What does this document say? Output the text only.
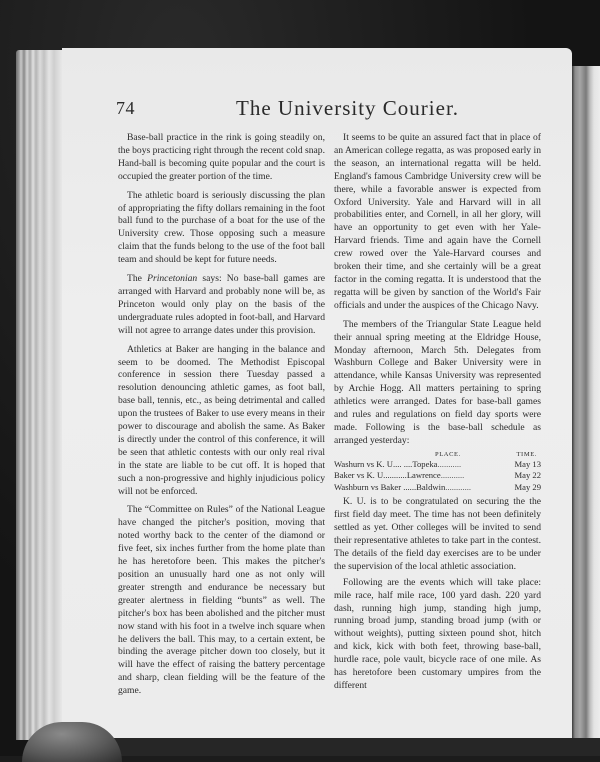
74	The University Courier.

Base-ball practice in the rink is going steadily on, the boys practicing right through the recent cold snap. Hand-ball is becoming quite popular and the court is occupied the greater portion of the time.

The athletic board is seriously discussing the plan of appropriating the fifty dollars remaining in the foot ball fund to the purchase of a boat for the use of the University crew. Those opposing such a measure claim that the funds belong to the use of the foot ball team and should be kept for future needs.

The Princetonian says: No base-ball games are arranged with Harvard and probably none will be, as Princeton would only play on the basis of the undergraduate rules adopted in foot-ball, and Harvard will not agree to arrange dates under this provision.

Athletics at Baker are hanging in the balance and seem to be doomed. The Methodist Episcopal conference in session there Tuesday passed a resolution denouncing athletic games, as foot ball, base ball, tennis, etc., as being detrimental and called upon the trustees of Baker to use every means in their power to discourage and abolish the same. As Baker is directly under the control of this conference, it will be seen that athletic contests with our only real rival in the state are liable to be cut off. It is hoped that such a non-progressive and highly injudicious policy will not be enforced.

The “Committee on Rules” of the National League have changed the pitcher's position, moving that noted worthy back to the center of the diamond or five feet, six inches further from the home plate than he has heretofore been. This makes the pitcher's position an unusually hard one as not only will greater strength and endurance be necessary but greater alertness in fielding “bunts” as well. The pitcher's box has been abolished and the pitcher must now stand with his foot in a twelve inch square when he delivers the ball. This may, to a certain extent, be binding the average pitcher down too closely, but it will have the effect of raising the battery percentage and sharp, clean fielding will be the feature of the game.

It seems to be quite an assured fact that in place of an American college regatta, as was proposed early in the season, an international regatta will be held. England's famous Cambridge University crew will be there, while a favorable answer is expected from Oxford University. Yale and Harvard will in all probabilities enter, and Cornell, in all her glory, will have an opportunity to get even with her Yale-Harvard friends. Time and again have the Cornell crew rowed over the Yale-Harvard courses and broken their time, and she certainly will be a great factor in the coming regatta. It is understood that the regatta will be given by sanction of the World's Fair officials and under the auspices of the Chicago Navy.

The members of the Triangular State League held their annual spring meeting at the Eldridge House, Monday afternoon, March 5th. Delegates from Washburn College and Baker University were in attendance, while Kansas University was represented by Archie Hogg. All matters pertaining to spring athletics were arranged. Dates for base-ball games and rules and regulations on field day sports were made. Following is the base-ball schedule as arranged yesterday:

PLACE.	TIME.
Washurn vs K. U.... .... Topeka ...........	May 13
Baker vs K. U........... Lawrence ...........	May 22
Washburn vs Baker ...... Baldwin ............	May 29

K. U. is to be congratulated on securing the the first field day meet. The time has not been definitely settled as yet. Other colleges will be invited to send their representative athletes to take part in the contest. The details of the field day exercises are to be under the supervision of the local athletic association.

Following are the events which will take place: mile race, half mile race, 100 yard dash. 220 yard dash, running high jump, standing high jump, running broad jump, standing broad jump (with or without weights), putting sixteen pound shot, hitch and kick, kick with both feet, throwing base-ball, hurdle race, pole vault, bicycle race of one mile. As has heretofore been customary umpires from the different
